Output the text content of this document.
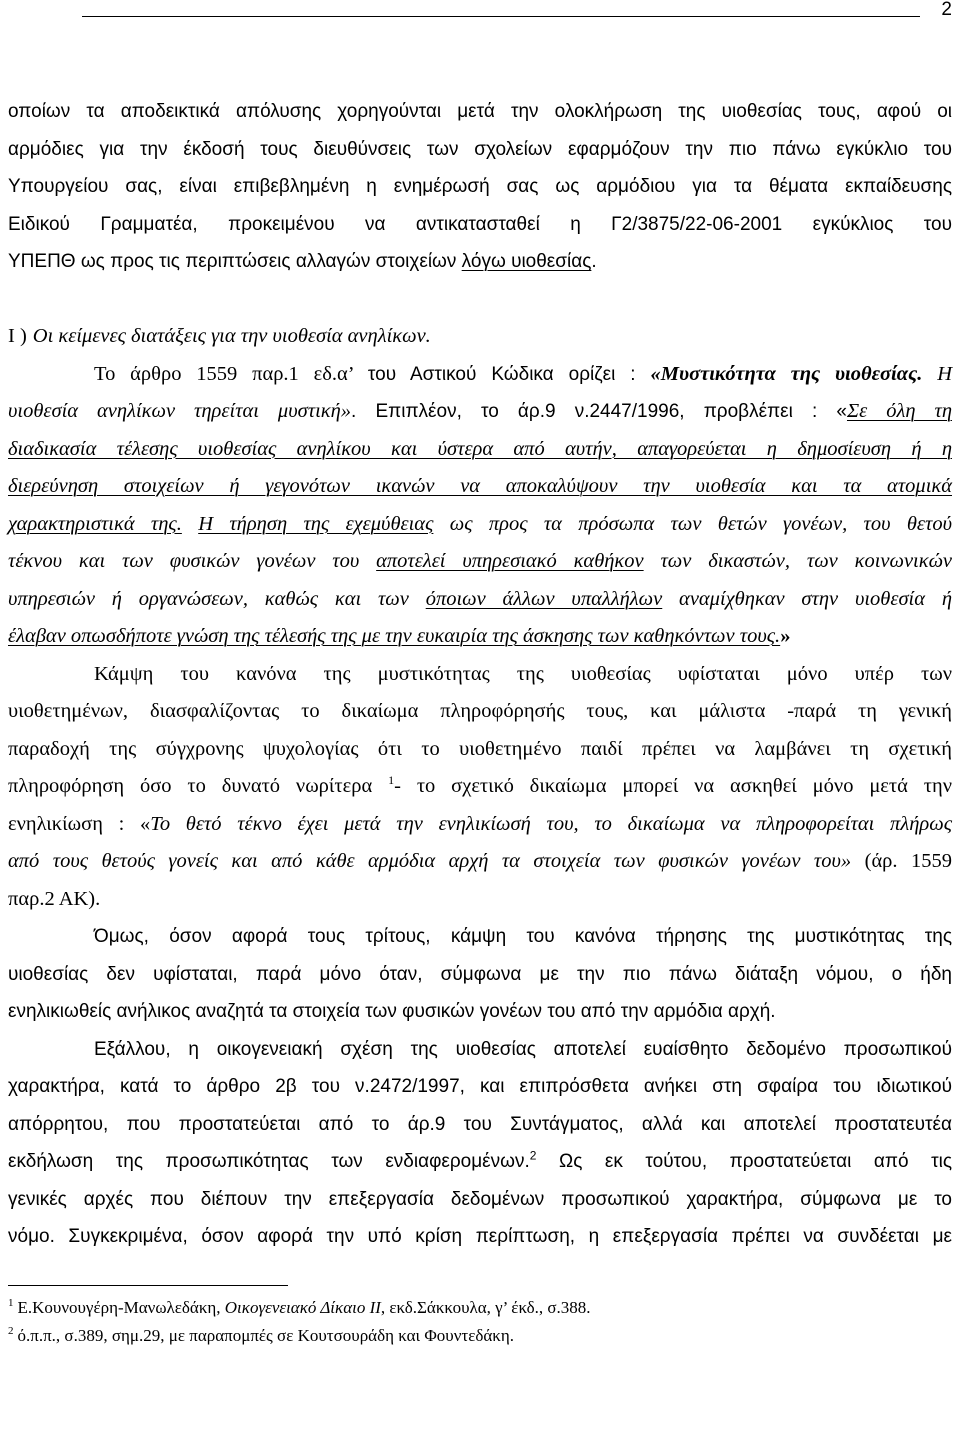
2
οποίων τα αποδεικτικά απόλυσης χορηγούνται μετά την ολοκλήρωση της υιοθεσίας τους, αφού οι
αρμόδιες για την έκδοσή τους διευθύνσεις των σχολείων εφαρμόζουν την πιο πάνω εγκύκλιο του
Υπουργείου σας, είναι επιβεβλημένη η ενημέρωσή σας ως αρμόδιου για τα θέματα εκπαίδευσης
Ειδικού Γραμματέα, προκειμένου να αντικατασταθεί η Γ2/3875/22-06-2001 εγκύκλιος του
ΥΠΕΠΘ ως προς τις περιπτώσεις αλλαγών στοιχείων λόγω υιοθεσίας.
Ι ) Οι κείμενες διατάξεις για την υιοθεσία ανηλίκων.
Το άρθρο 1559 παρ.1 εδ.α’ του Αστικού Κώδικα ορίζει : «Μυστικότητα της υιοθεσίας. Η
υιοθεσία ανηλίκων τηρείται μυστική». Επιπλέον, το άρ.9 ν.2447/1996, προβλέπει : «Σε όλη τη
διαδικασία τέλεσης υιοθεσίας ανηλίκου και ύστερα από αυτήν, απαγορεύεται η δημοσίευση ή η
διερεύνηση στοιχείων ή γεγονότων ικανών να αποκαλύψουν την υιοθεσία και τα ατομικά
χαρακτηριστικά της. Η τήρηση της εχεμύθειας ως προς τα πρόσωπα των θετών γονέων, του θετού
τέκνου και των φυσικών γονέων του αποτελεί υπηρεσιακό καθήκον των δικαστών, των κοινωνικών
υπηρεσιών ή οργανώσεων, καθώς και των όποιων άλλων υπαλλήλων αναμίχθηκαν στην υιοθεσία ή
έλαβαν οπωσδήποτε γνώση της τέλεσής της με την ευκαιρία της άσκησης των καθηκόντων τους.»
Κάμψη του κανόνα της μυστικότητας της υιοθεσίας υφίσταται μόνο υπέρ των
υιοθετημένων, διασφαλίζοντας το δικαίωμα πληροφόρησής τους, και μάλιστα -παρά τη γενική
παραδοχή της σύγχρονης ψυχολογίας ότι το υιοθετημένο παιδί πρέπει να λαμβάνει τη σχετική
πληροφόρηση όσο το δυνατό νωρίτερα $^1$- το σχετικό δικαίωμα μπορεί να ασκηθεί μόνο μετά την
ενηλικίωση : «Το θετό τέκνο έχει μετά την ενηλικίωσή του, το δικαίωμα να πληροφορείται πλήρως
από τους θετούς γονείς και από κάθε αρμόδια αρχή τα στοιχεία των φυσικών γονέων του» (άρ. 1559
παρ.2 ΑΚ).
Όμως, όσον αφορά τους τρίτους, κάμψη του κανόνα τήρησης της μυστικότητας της
υιοθεσίας δεν υφίσταται, παρά μόνο όταν, σύμφωνα με την πιο πάνω διάταξη νόμου, ο ήδη
ενηλικιωθείς ανήλικος αναζητά τα στοιχεία των φυσικών γονέων του από την αρμόδια αρχή.
Εξάλλου, η οικογενειακή σχέση της υιοθεσίας αποτελεί ευαίσθητο δεδομένο προσωπικού
χαρακτήρα, κατά το άρθρο 2β του ν.2472/1997, και επιπρόσθετα ανήκει στη σφαίρα του ιδιωτικού
απόρρητου, που προστατεύεται από το άρ.9 του Συντάγματος, αλλά και αποτελεί προστατευτέα
εκδήλωση της προσωπικότητας των ενδιαφερομένων.$^2$ Ως εκ τούτου, προστατεύεται από τις
γενικές αρχές που διέπουν την επεξεργασία δεδομένων προσωπικού χαρακτήρα, σύμφωνα με το
νόμο. Συγκεκριμένα, όσον αφορά την υπό κρίση περίπτωση, η επεξεργασία πρέπει να συνδέεται με
$^1$ Ε.Κουνουγέρη-Μανωλεδάκη, Οικογενειακό Δίκαιο ΙΙ, εκδ.Σάκκουλα, γ’ έκδ., σ.388.
$^2$ ό.π.π., σ.389, σημ.29, με παραπομπές σε Κουτσουράδη και Φουντεδάκη.
